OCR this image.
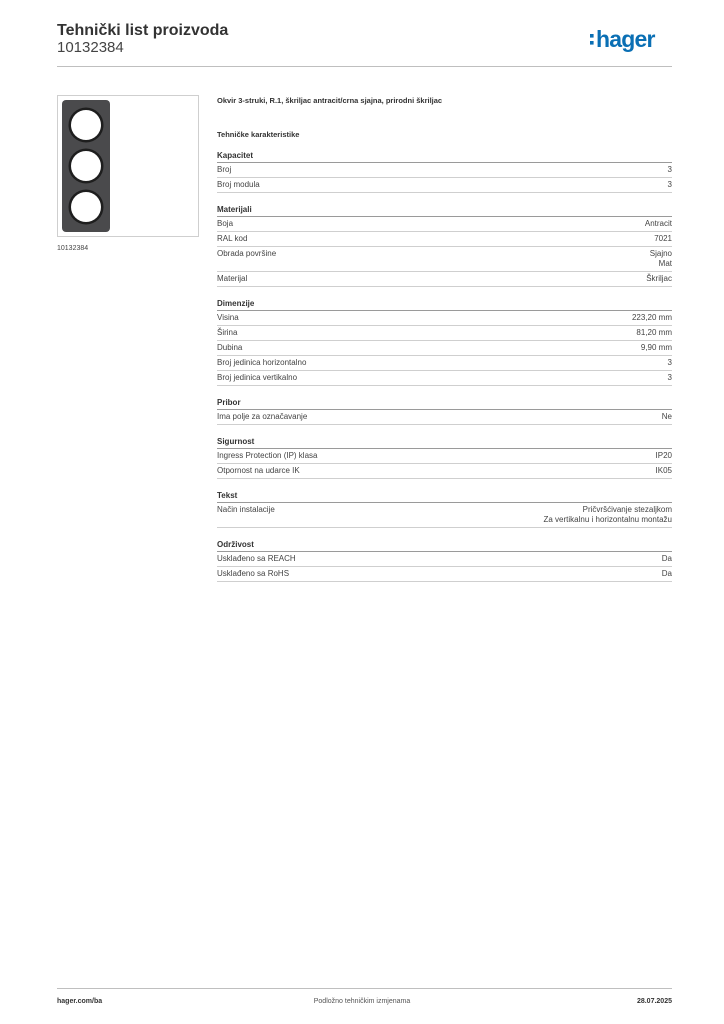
Tehnički list proizvoda
10132384	hager
10132384
Okvir 3-struki, R.1, škriljac antracit/crna sjajna, prirodni škriljac
Tehničke karakteristike
Kapacitet
Broj	3
Broj modula	3
Materijali
Boja	Antracit
RAL kod	7021
Obrada površine	Sjajno
Mat
Materijal	Škriljac
Dimenzije
Visina	223,20 mm
Širina	81,20 mm
Dubina	9,90 mm
Broj jedinica horizontalno	3
Broj jedinica vertikalno	3
Pribor
Ima polje za označavanje	Ne
Sigurnost
Ingress Protection (IP) klasa	IP20
Otpornost na udarce IK	IK05
Tekst
Način instalacije	Pričvršćivanje stezaljkom
Za vertikalnu i horizontalnu montažu
Održivost
Usklađeno sa REACH	Da
Usklađeno sa RoHS	Da
hager.com/ba	Podložno tehničkim izmjenama	28.07.2025
